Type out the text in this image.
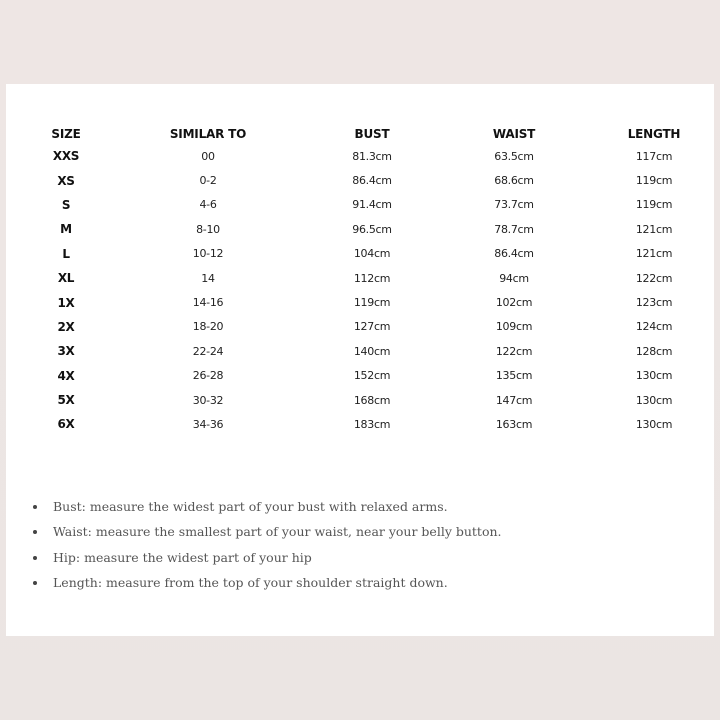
SIZE	SIMILAR TO	BUST	WAIST	LENGTH
XXS	00	81.3cm	63.5cm	117cm
XS	0-2	86.4cm	68.6cm	119cm
S	4-6	91.4cm	73.7cm	119cm
M	8-10	96.5cm	78.7cm	121cm
L	10-12	104cm	86.4cm	121cm
XL	14	112cm	94cm	122cm
1X	14-16	119cm	102cm	123cm
2X	18-20	127cm	109cm	124cm
3X	22-24	140cm	122cm	128cm
4X	26-28	152cm	135cm	130cm
5X	30-32	168cm	147cm	130cm
6X	34-36	183cm	163cm	130cm
Bust: measure the widest part of your bust with relaxed arms.
Waist: measure the smallest part of your waist, near your belly button.
Hip: measure the widest part of your hip
Length: measure from the top of your shoulder straight down.
